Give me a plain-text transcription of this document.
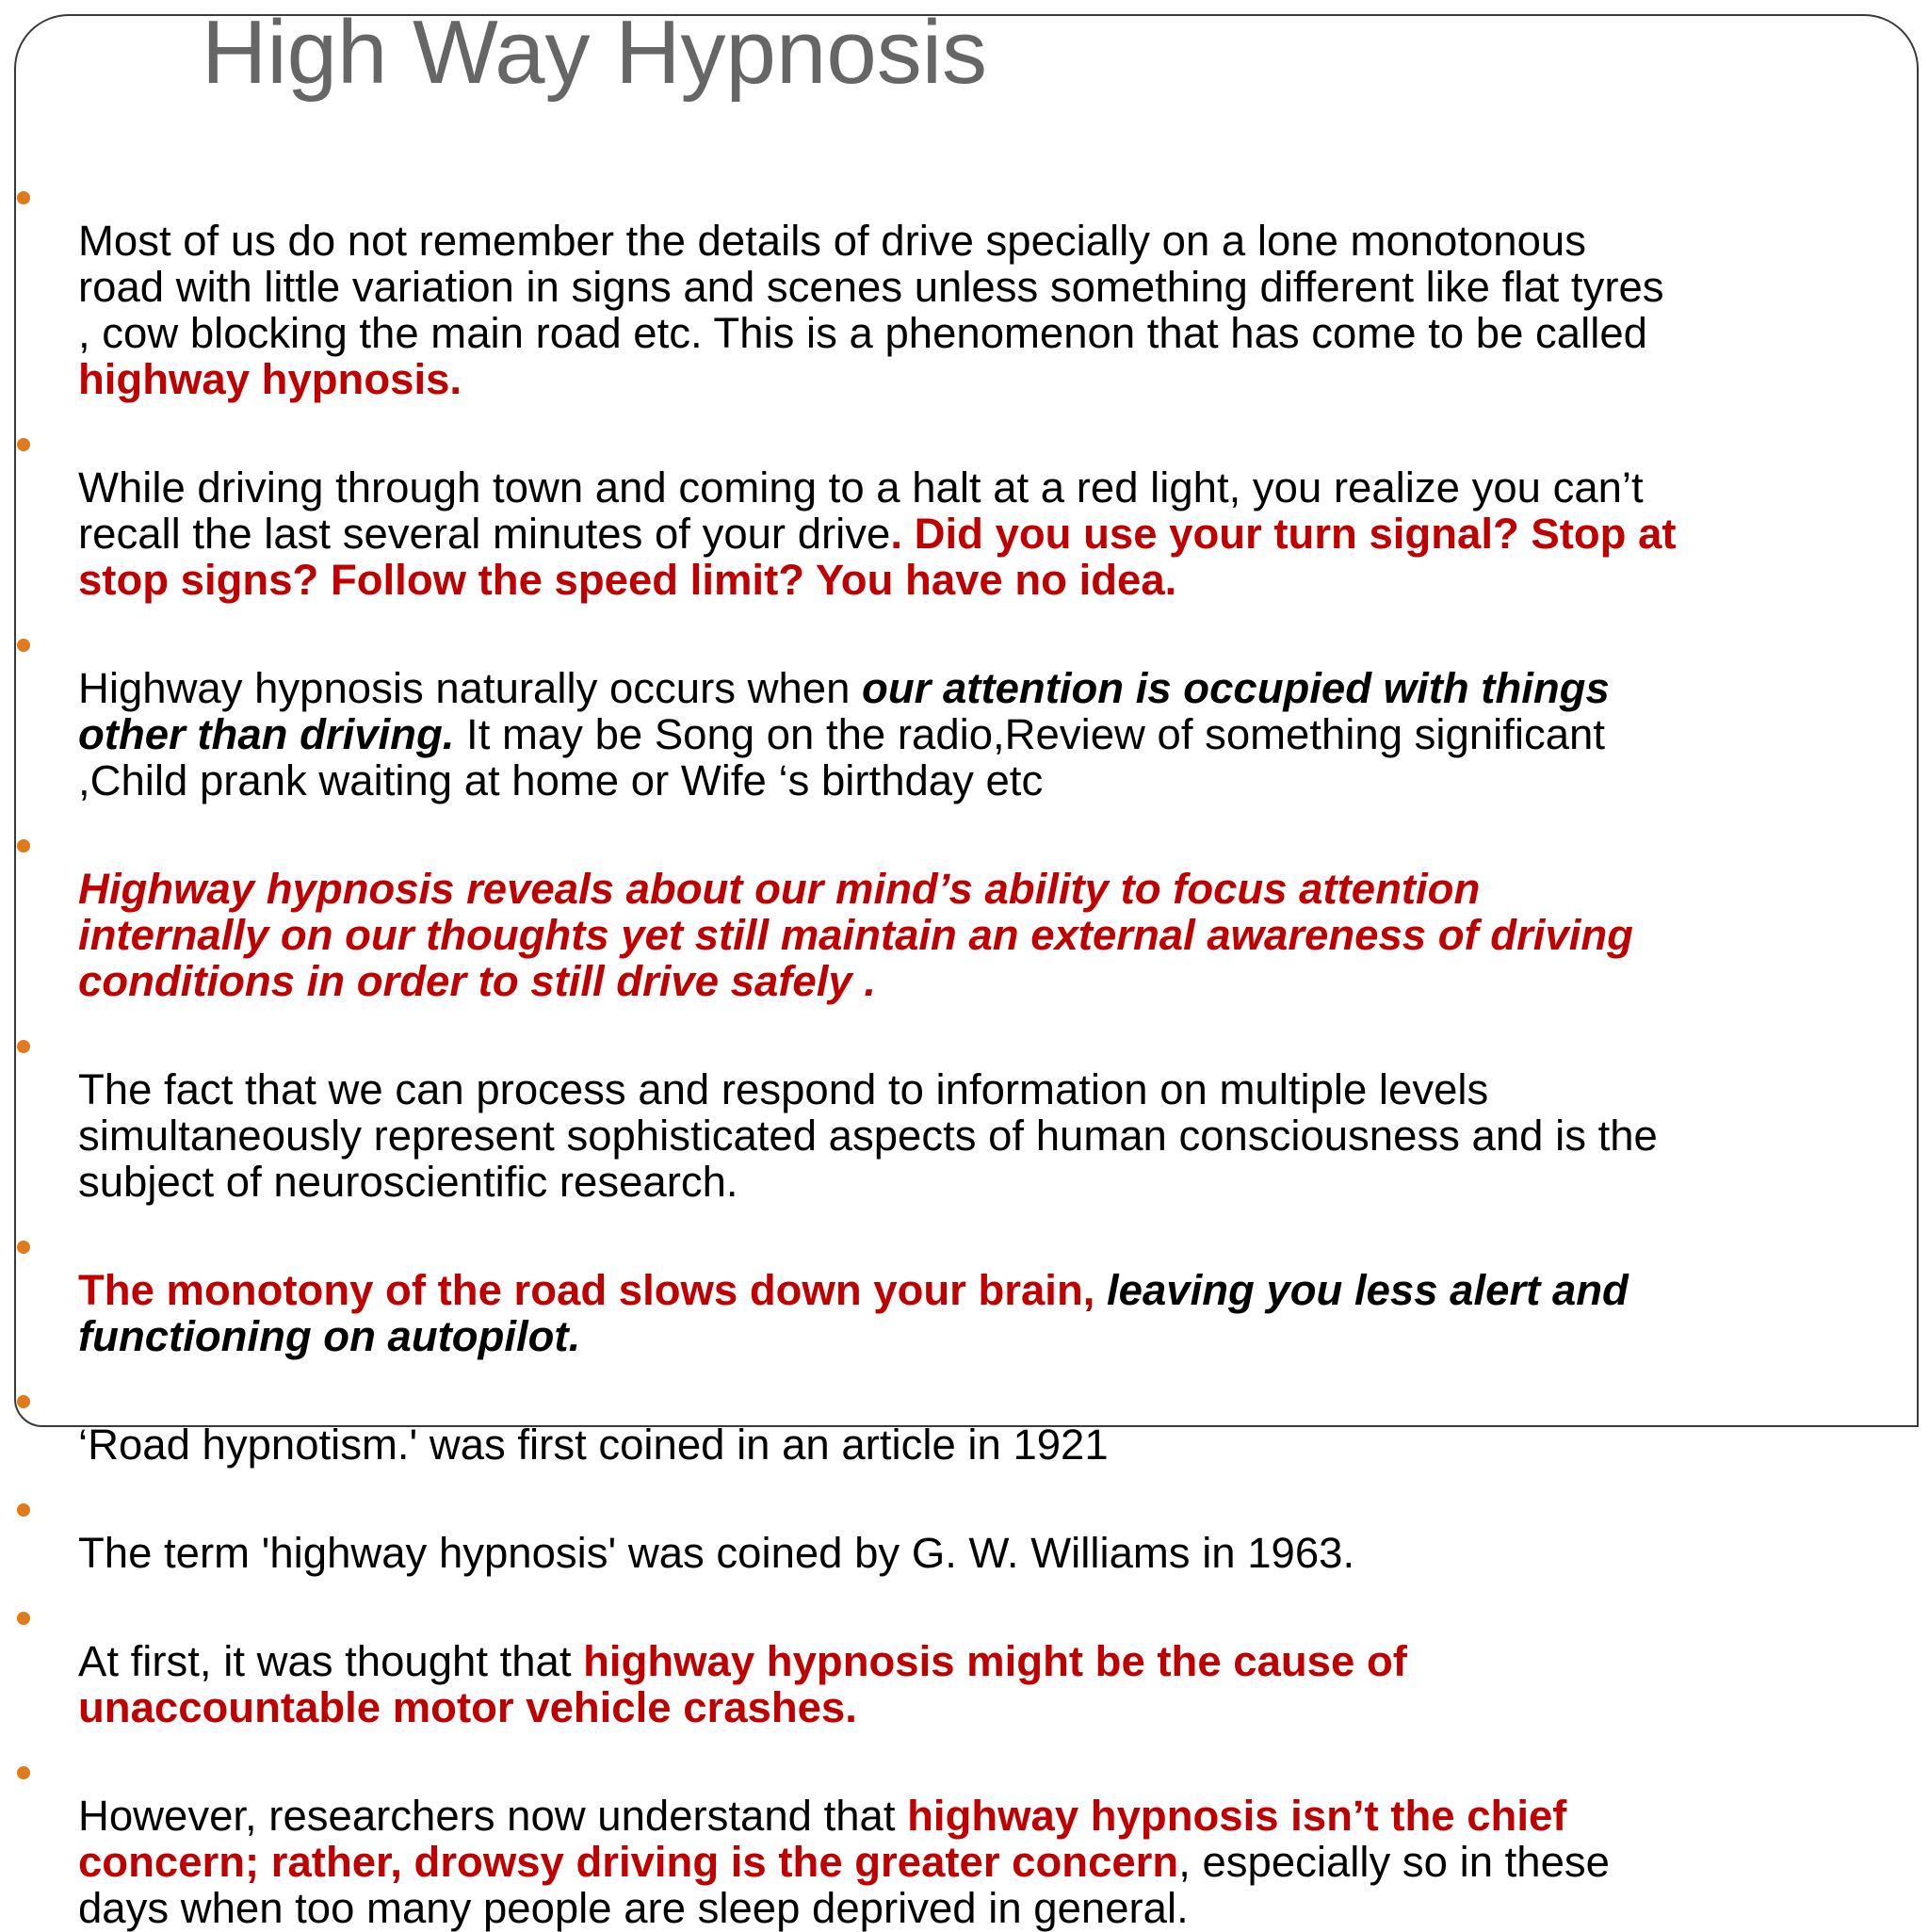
High Way Hypnosis

Most of us do not remember the details of drive specially on a lone monotonous
road with little variation in signs and scenes unless something different like flat tyres
, cow blocking the main road etc. This is a phenomenon that has come to be called
highway hypnosis.

While driving through town and coming to a halt at a red light, you realize you can’t
recall the last several minutes of your drive. Did you use your turn signal? Stop at
stop signs? Follow the speed limit? You have no idea.

Highway hypnosis naturally occurs when our attention is occupied with things
other than driving. It may be Song on the radio,Review of something significant
,Child prank waiting at home or Wife ‘s birthday etc

Highway hypnosis reveals about our mind’s ability to focus attention
internally on our thoughts yet still maintain an external awareness of driving
conditions in order to still drive safely .

The fact that we can process and respond to information on multiple levels
simultaneously represent sophisticated aspects of human consciousness and is the
subject of neuroscientific research.

The monotony of the road slows down your brain, leaving you less alert and
functioning on autopilot.

‘Road hypnotism.' was first coined in an article in 1921

The term 'highway hypnosis' was coined by G. W. Williams in 1963.

At first, it was thought that highway hypnosis might be the cause of
unaccountable motor vehicle crashes.

However, researchers now understand that highway hypnosis isn’t the chief
concern; rather, drowsy driving is the greater concern, especially so in these
days when too many people are sleep deprived in general.
